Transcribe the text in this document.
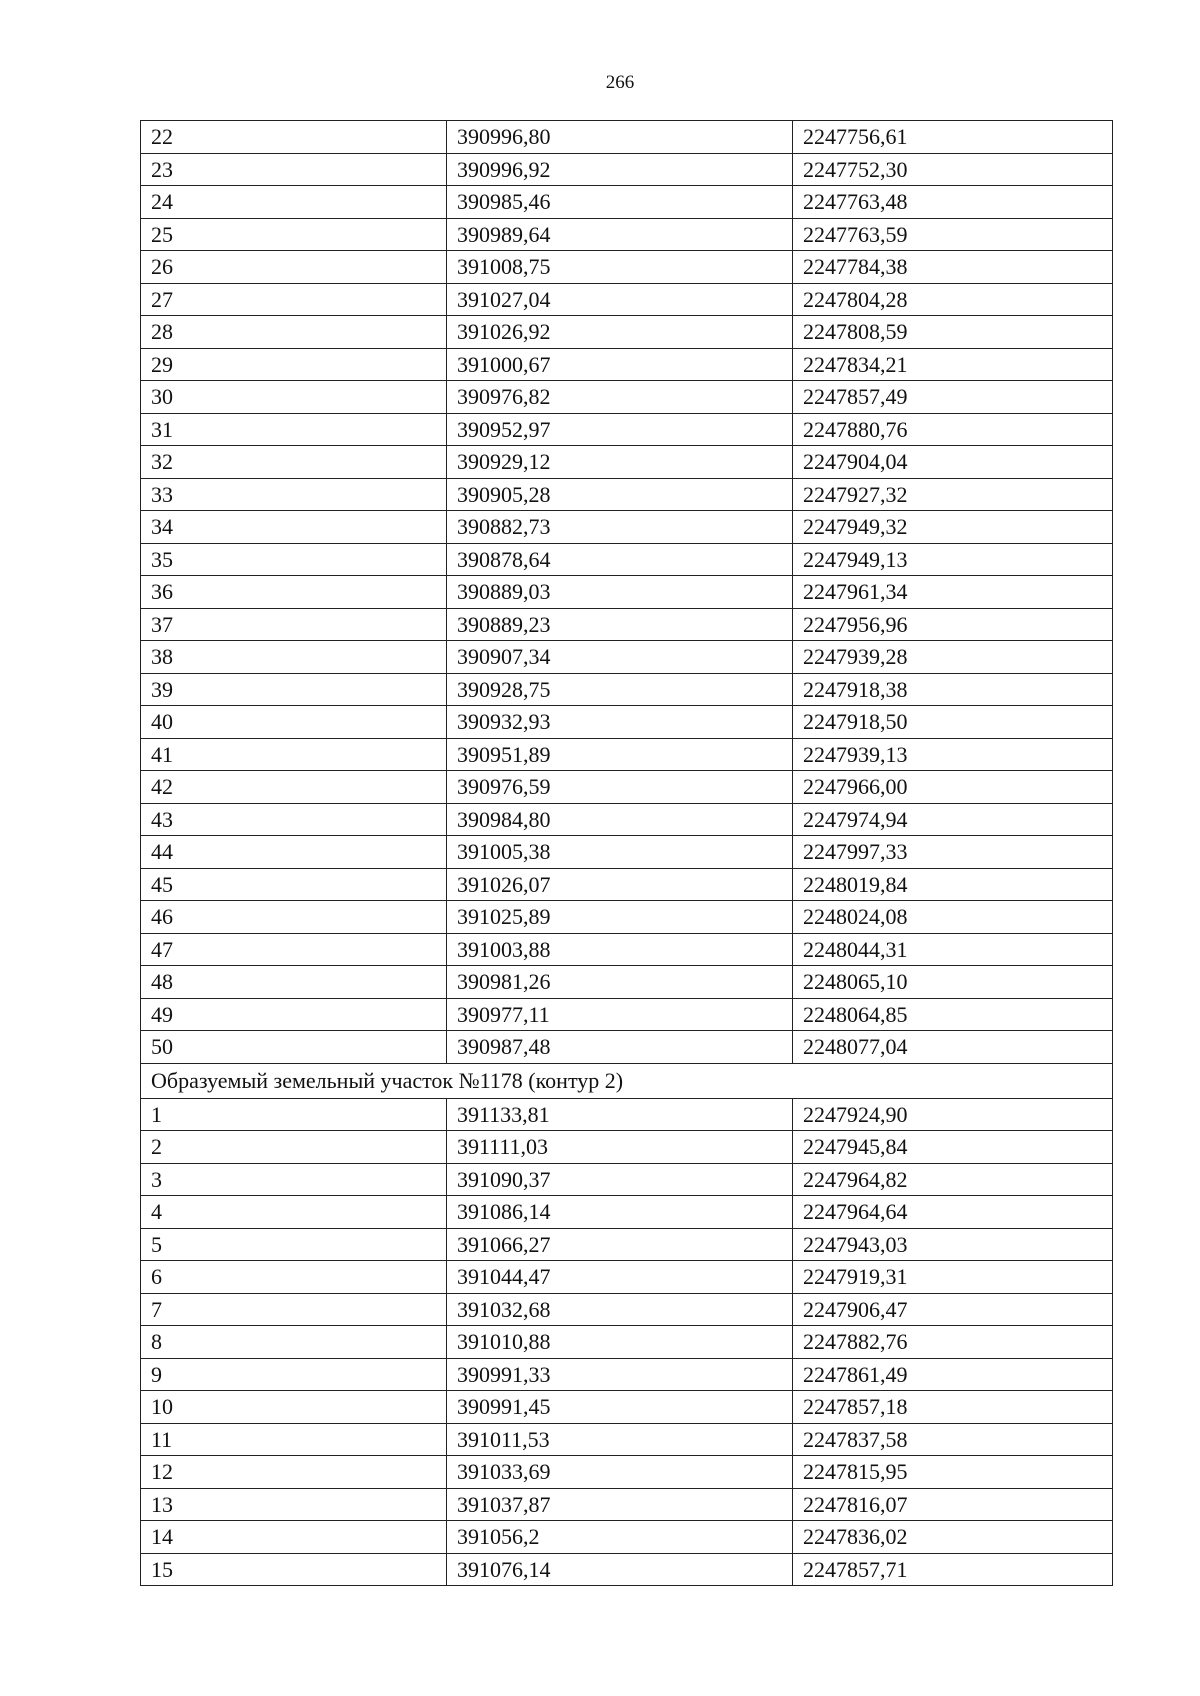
266
22	390996,80	2247756,61
23	390996,92	2247752,30
24	390985,46	2247763,48
25	390989,64	2247763,59
26	391008,75	2247784,38
27	391027,04	2247804,28
28	391026,92	2247808,59
29	391000,67	2247834,21
30	390976,82	2247857,49
31	390952,97	2247880,76
32	390929,12	2247904,04
33	390905,28	2247927,32
34	390882,73	2247949,32
35	390878,64	2247949,13
36	390889,03	2247961,34
37	390889,23	2247956,96
38	390907,34	2247939,28
39	390928,75	2247918,38
40	390932,93	2247918,50
41	390951,89	2247939,13
42	390976,59	2247966,00
43	390984,80	2247974,94
44	391005,38	2247997,33
45	391026,07	2248019,84
46	391025,89	2248024,08
47	391003,88	2248044,31
48	390981,26	2248065,10
49	390977,11	2248064,85
50	390987,48	2248077,04
Образуемый земельный участок №1178 (контур 2)		
1	391133,81	2247924,90
2	391111,03	2247945,84
3	391090,37	2247964,82
4	391086,14	2247964,64
5	391066,27	2247943,03
6	391044,47	2247919,31
7	391032,68	2247906,47
8	391010,88	2247882,76
9	390991,33	2247861,49
10	390991,45	2247857,18
11	391011,53	2247837,58
12	391033,69	2247815,95
13	391037,87	2247816,07
14	391056,2	2247836,02
15	391076,14	2247857,71
